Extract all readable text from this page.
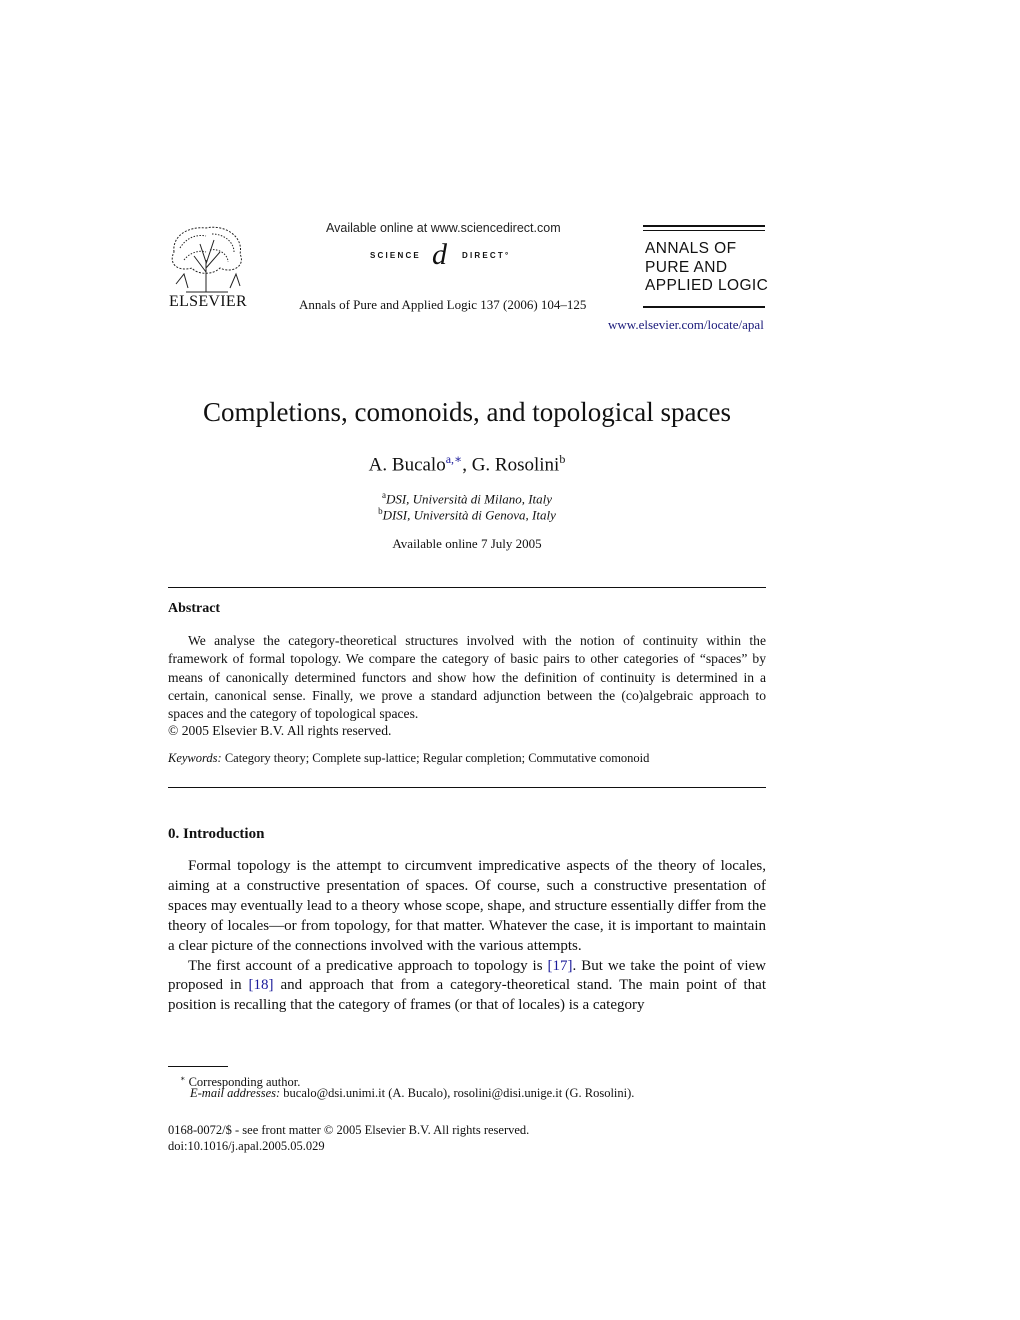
ELSEVIER
Available online at www.sciencedirect.com
SCIENCE d DIRECT°
Annals of Pure and Applied Logic 137 (2006) 104–125
ANNALS OF
PURE AND
APPLIED LOGIC
www.elsevier.com/locate/apal
Completions, comonoids, and topological spaces
A. Bucalo$^{a,∗}$, G. Rosolini$^b$
$^a$DSI, Università di Milano, Italy
$^b$DISI, Università di Genova, Italy
Available online 7 July 2005
Abstract

We analyse the category-theoretical structures involved with the notion of continuity within the framework of formal topology. We compare the category of basic pairs to other categories of “spaces” by means of canonically determined functors and show how the definition of continuity is determined in a certain, canonical sense. Finally, we prove a standard adjunction between the (co)algebraic approach to spaces and the category of topological spaces.

© 2005 Elsevier B.V. All rights reserved.
Keywords: Category theory; Complete sup-lattice; Regular completion; Commutative comonoid
0. Introduction

Formal topology is the attempt to circumvent impredicative aspects of the theory of locales, aiming at a constructive presentation of spaces. Of course, such a constructive presentation of spaces may eventually lead to a theory whose scope, shape, and structure essentially differ from the theory of locales—or from topology, for that matter. Whatever the case, it is important to maintain a clear picture of the connections involved with the various attempts.

The first account of a predicative approach to topology is [17]. But we take the point of view proposed in [18] and approach that from a category-theoretical stand. The main point of that position is recalling that the category of frames (or that of locales) is a category

∗ Corresponding author.
E-mail addresses: bucalo@dsi.unimi.it (A. Bucalo), rosolini@disi.unige.it (G. Rosolini).
0168-0072/$ - see front matter © 2005 Elsevier B.V. All rights reserved.
doi:10.1016/j.apal.2005.05.029
